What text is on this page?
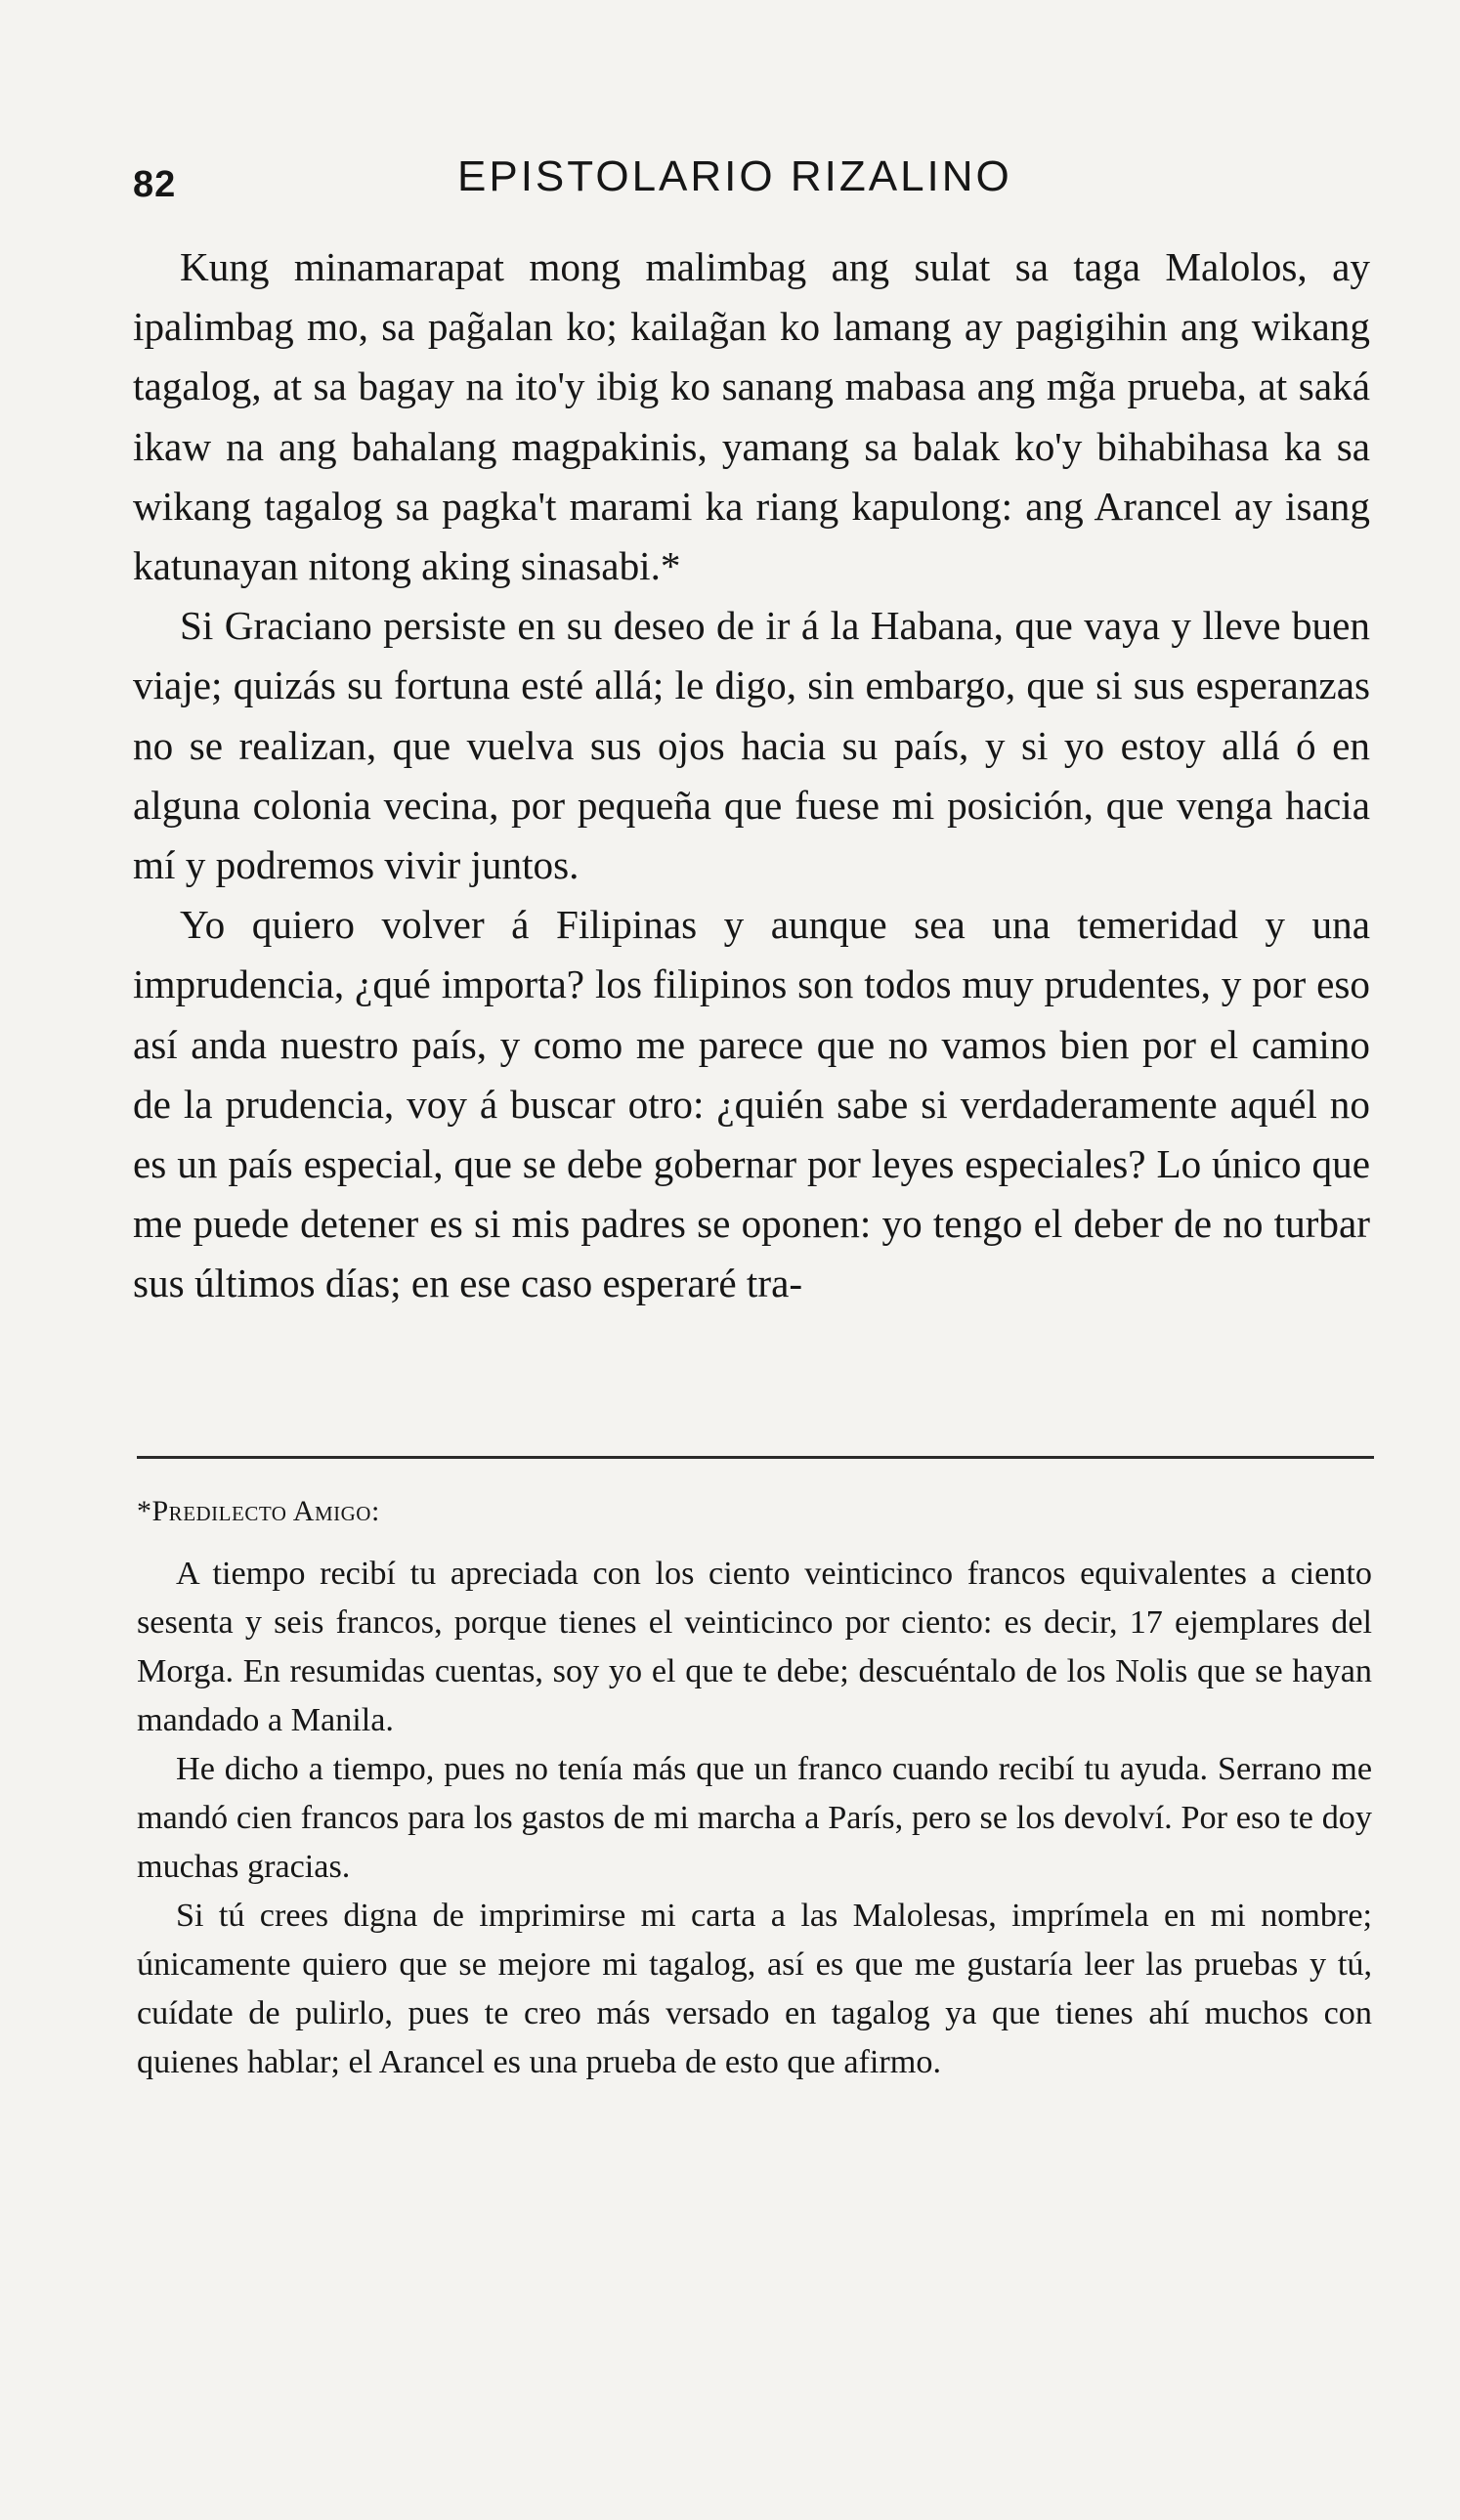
82	EPISTOLARIO RIZALINO

Kung minamarapat mong malimbag ang sulat sa taga Malolos, ay ipalimbag mo, sa pag̃alan ko; kailag̃an ko lamang ay pagigihin ang wikang tagalog, at sa bagay na ito'y ibig ko sanang mabasa ang mg̃a prueba, at saká ikaw na ang bahalang magpakinis, yamang sa balak ko'y bihabihasa ka sa wikang tagalog sa pagka't marami ka riang kapulong: ang Arancel ay isang katunayan nitong aking sinasabi.*

Si Graciano persiste en su deseo de ir á la Habana, que vaya y lleve buen viaje; quizás su fortuna esté allá; le digo, sin embargo, que si sus esperanzas no se realizan, que vuelva sus ojos hacia su país, y si yo estoy allá ó en alguna colonia vecina, por pequeña que fuese mi posición, que venga hacia mí y podremos vivir juntos.

Yo quiero volver á Filipinas y aunque sea una temeridad y una imprudencia, ¿qué importa? los filipinos son todos muy prudentes, y por eso así anda nuestro país, y como me parece que no vamos bien por el camino de la prudencia, voy á buscar otro: ¿quién sabe si verdaderamente aquél no es un país especial, que se debe gobernar por leyes especiales? Lo único que me puede detener es si mis padres se oponen: yo tengo el deber de no turbar sus últimos días; en ese caso esperaré tra-

*Predilecto Amigo:

A tiempo recibí tu apreciada con los ciento veinticinco francos equivalentes a ciento sesenta y seis francos, porque tienes el veinticinco por ciento: es decir, 17 ejemplares del Morga. En resumidas cuentas, soy yo el que te debe; descuéntalo de los Nolis que se hayan mandado a Manila.

He dicho a tiempo, pues no tenía más que un franco cuando recibí tu ayuda. Serrano me mandó cien francos para los gastos de mi marcha a París, pero se los devolví. Por eso te doy muchas gracias.

Si tú crees digna de imprimirse mi carta a las Malolesas, imprímela en mi nombre; únicamente quiero que se mejore mi tagalog, así es que me gustaría leer las pruebas y tú, cuídate de pulirlo, pues te creo más versado en tagalog ya que tienes ahí muchos con quienes hablar; el Arancel es una prueba de esto que afirmo.
